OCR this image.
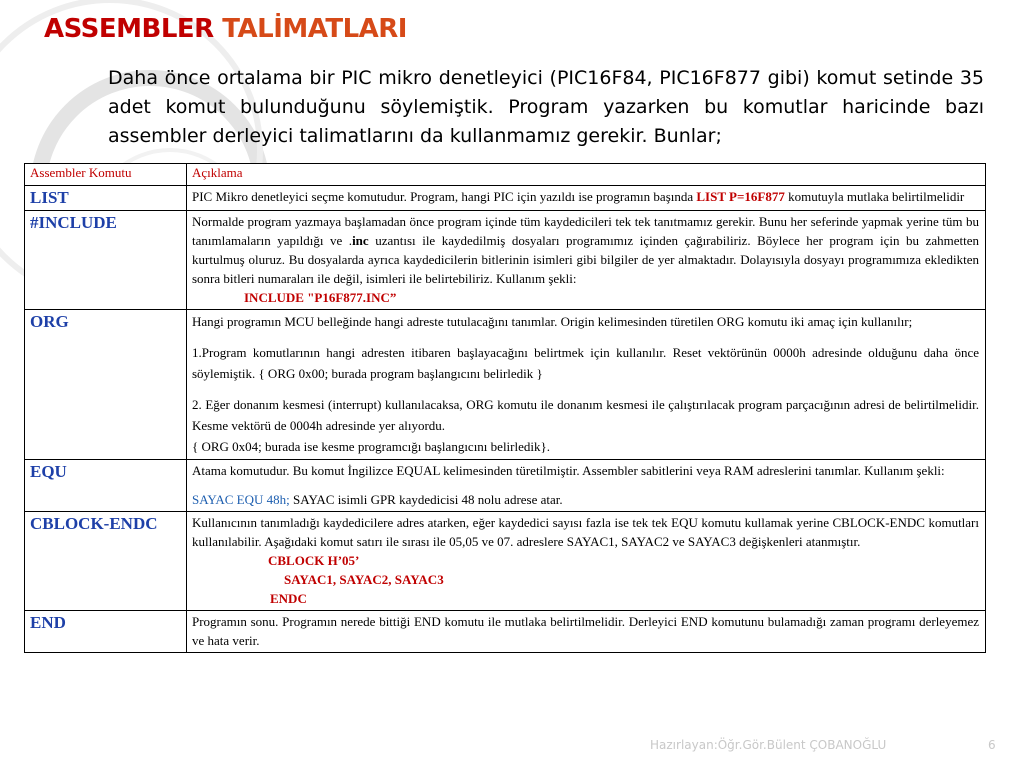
ASSEMBLER TALİMATLARI

Daha önce ortalama bir PIC mikro denetleyici (PIC16F84, PIC16F877 gibi) komut setinde 35 adet komut bulunduğunu söylemiştik. Program yazarken bu komutlar haricinde bazı assembler derleyici talimatlarını da kullanmamız gerekir. Bunlar;

Assembler Komutu	Açıklama
LIST	PIC Mikro denetleyici seçme komutudur. Program, hangi PIC için yazıldı ise programın başında LIST P=16F877 komutuyla mutlaka belirtilmelidir
#INCLUDE	Normalde program yazmaya başlamadan önce program içinde tüm kaydedicileri tek tek tanıtmamız gerekir. Bunu her seferinde yapmak yerine tüm bu tanımlamaların yapıldığı ve .inc uzantısı ile kaydedilmiş dosyaları programımız içinden çağırabiliriz. Böylece her program için bu zahmetten kurtulmuş oluruz. Bu dosyalarda ayrıca kaydedicilerin bitlerinin isimleri gibi bilgiler de yer almaktadır. Dolayısıyla dosyayı programımıza ekledikten sonra bitleri numaraları ile değil, isimleri ile belirtebiliriz. Kullanım şekli:

INCLUDE "P16F877.INC”

ORG	Hangi programın MCU belleğinde hangi adreste tutulacağını tanımlar. Origin kelimesinden türetilen ORG komutu iki amaç için kullanılır;

1.Program komutlarının hangi adresten itibaren başlayacağını belirtmek için kullanılır. Reset vektörünün 0000h adresinde olduğunu daha önce söylemiştik. { ORG 0x00; burada program başlangıcını belirledik }

2. Eğer donanım kesmesi (interrupt) kullanılacaksa, ORG komutu ile donanım kesmesi ile çalıştırılacak program parçacığının adresi de belirtilmelidir. Kesme vektörü de 0004h adresinde yer alıyordu.

{ ORG 0x04; burada ise kesme programcığı başlangıcını belirledik}.

EQU	Atama komutudur. Bu komut İngilizce EQUAL kelimesinden türetilmiştir. Assembler sabitlerini veya RAM adreslerini tanımlar. Kullanım şekli:

SAYAC EQU 48h; SAYAC isimli GPR kaydedicisi 48 nolu adrese atar.

CBLOCK-ENDC	Kullanıcının tanımladığı kaydedicilere adres atarken, eğer kaydedici sayısı fazla ise tek tek EQU komutu kullamak yerine CBLOCK-ENDC komutları kullanılabilir. Aşağıdaki komut satırı ile sırası ile 05,05 ve 07. adreslere SAYAC1, SAYAC2 ve SAYAC3 değişkenleri atanmıştır.

CBLOCK H’05’

SAYAC1, SAYAC2, SAYAC3

ENDC

END	Programın sonu. Programın nerede bittiği END komutu ile mutlaka belirtilmelidir. Derleyici END komutunu bulamadığı zaman programı derleyemez ve hata verir.
Hazırlayan:Öğr.Gör.Bülent ÇOBANOĞLU	6
